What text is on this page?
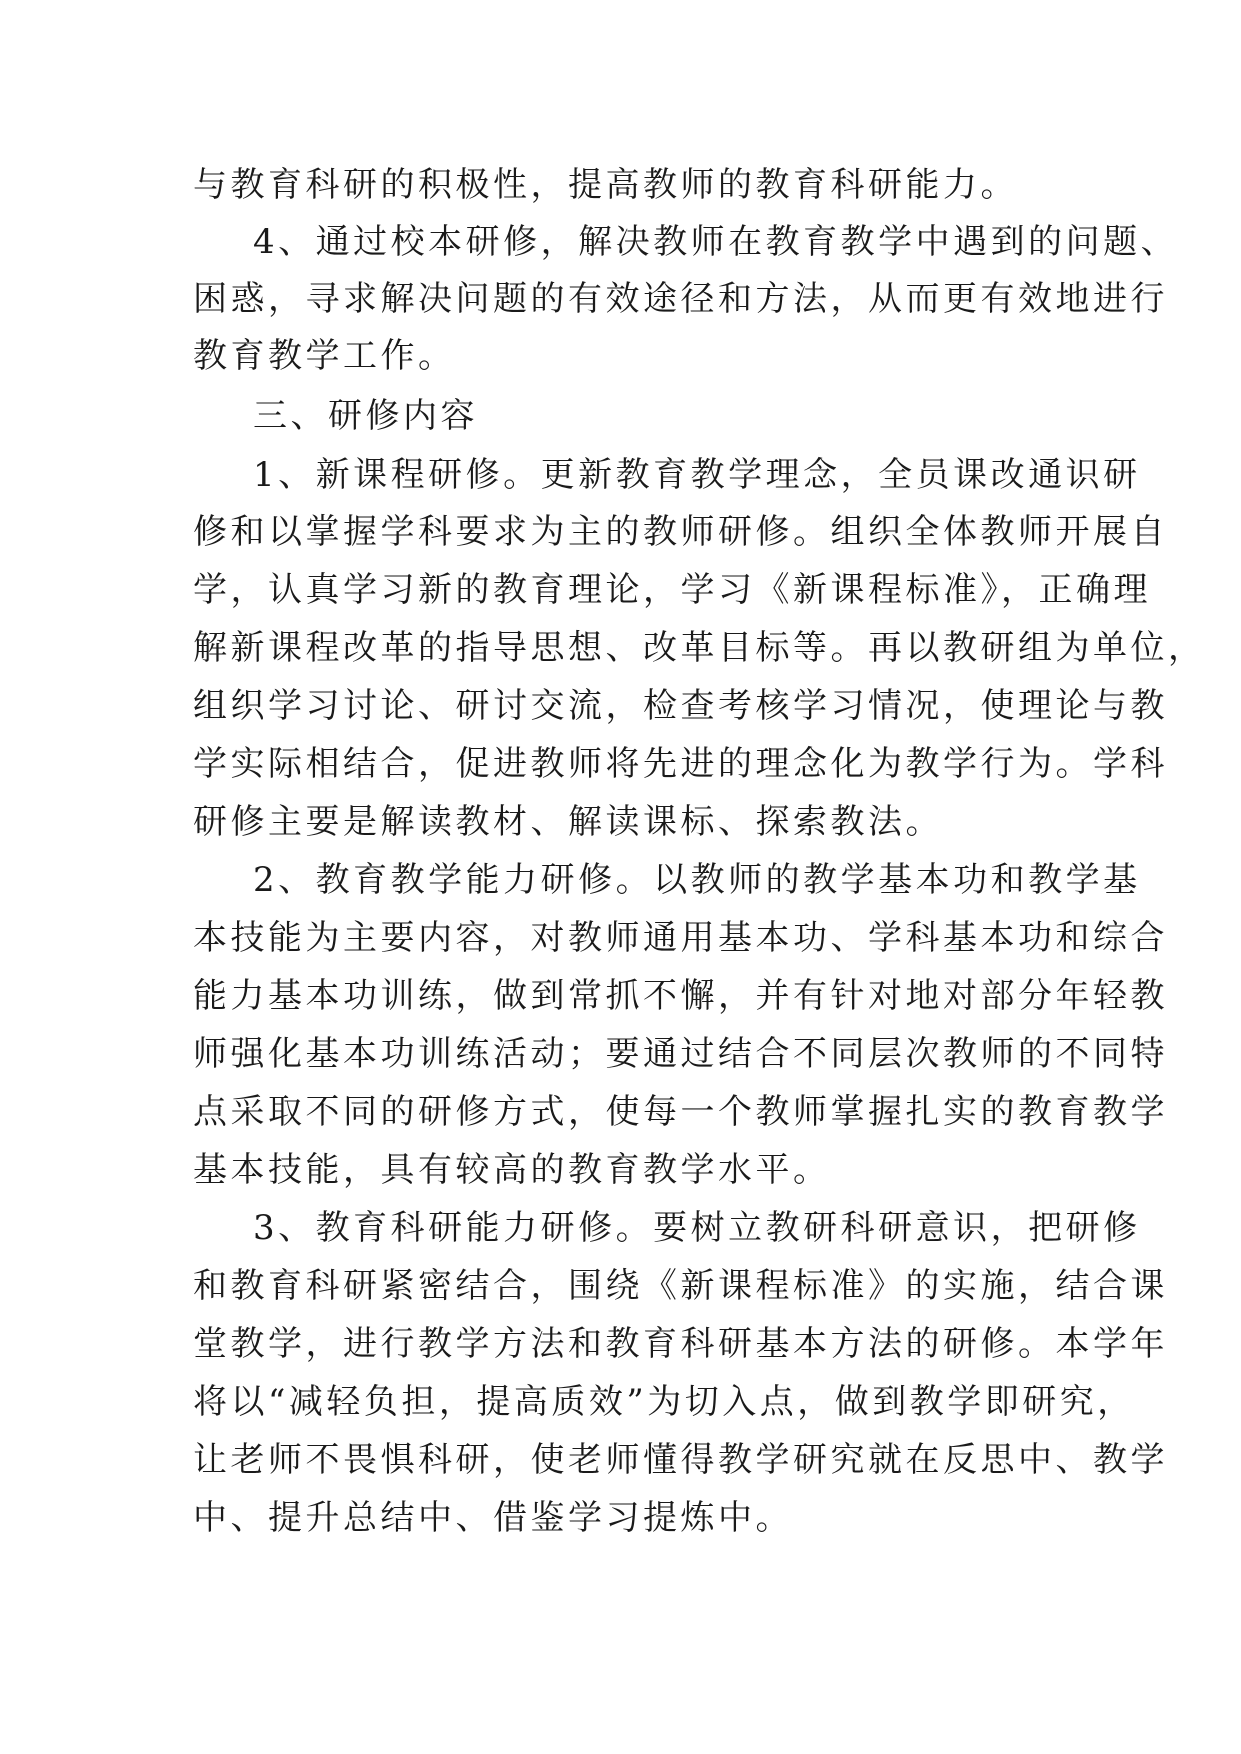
与教育科研的积极性，提高教师的教育科研能力。
4、通过校本研修，解决教师在教育教学中遇到的问题、
困惑，寻求解决问题的有效途径和方法，从而更有效地进行
教育教学工作。
三、研修内容
1、新课程研修。更新教育教学理念，全员课改通识研
修和以掌握学科要求为主的教师研修。组织全体教师开展自
学，认真学习新的教育理论，学习《新课程标准》，正确理
解新课程改革的指导思想、改革目标等。再以教研组为单位，
组织学习讨论、研讨交流，检查考核学习情况，使理论与教
学实际相结合，促进教师将先进的理念化为教学行为。学科
研修主要是解读教材、解读课标、探索教法。
2、教育教学能力研修。以教师的教学基本功和教学基
本技能为主要内容，对教师通用基本功、学科基本功和综合
能力基本功训练，做到常抓不懈，并有针对地对部分年轻教
师强化基本功训练活动；要通过结合不同层次教师的不同特
点采取不同的研修方式，使每一个教师掌握扎实的教育教学
基本技能，具有较高的教育教学水平。
3、教育科研能力研修。要树立教研科研意识，把研修
和教育科研紧密结合，围绕《新课程标准》的实施，结合课
堂教学，进行教学方法和教育科研基本方法的研修。本学年
将以“减轻负担，提高质效”为切入点，做到教学即研究，
让老师不畏惧科研，使老师懂得教学研究就在反思中、教学
中、提升总结中、借鉴学习提炼中。
